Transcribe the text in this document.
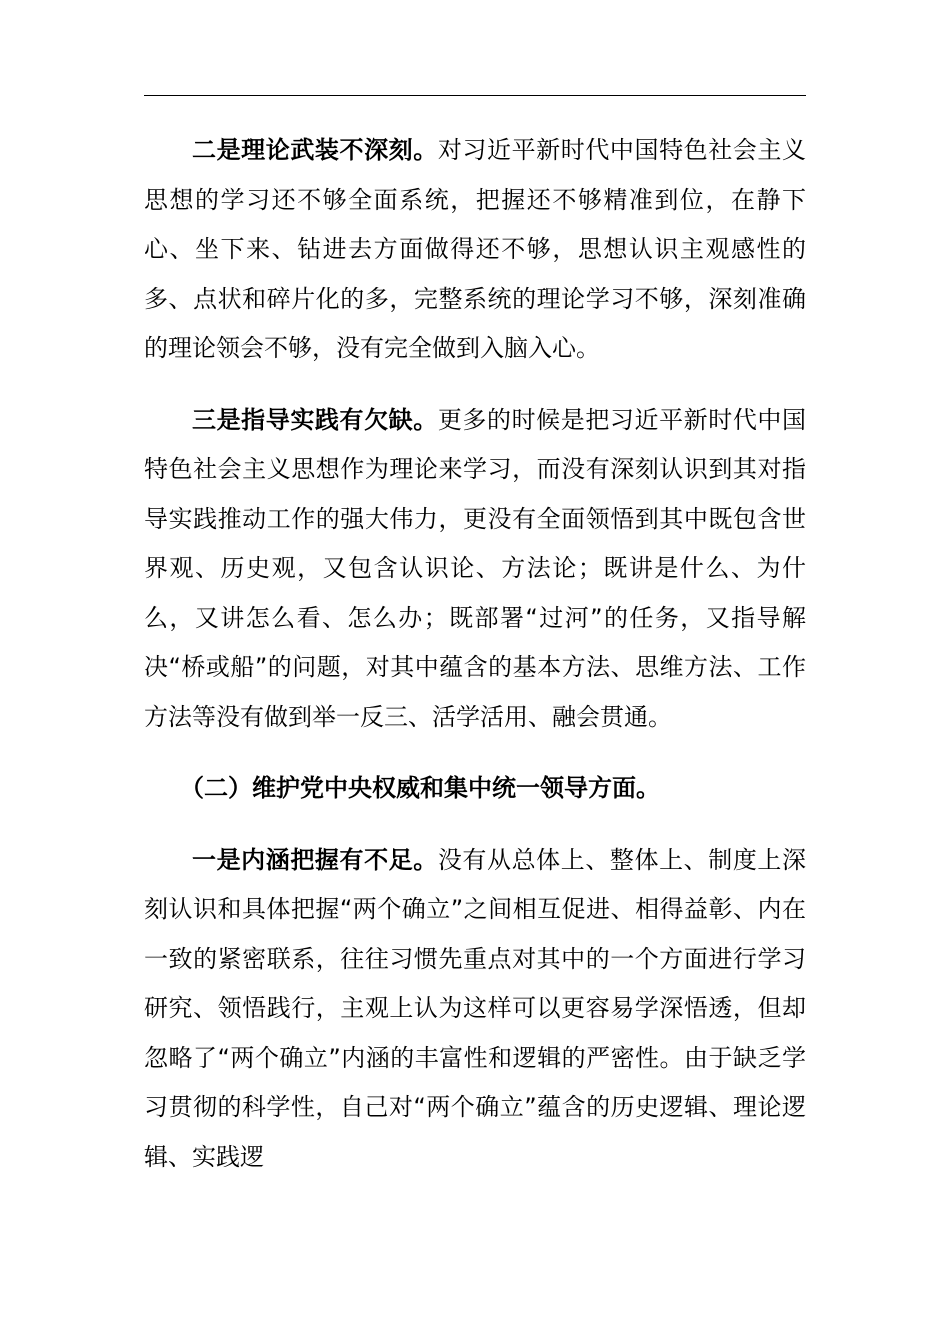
二是理论武装不深刻。对习近平新时代中国特色社会主义思想的学习还不够全面系统，把握还不够精准到位，在静下心、坐下来、钻进去方面做得还不够，思想认识主观感性的多、点状和碎片化的多，完整系统的理论学习不够，深刻准确的理论领会不够，没有完全做到入脑入心。

三是指导实践有欠缺。更多的时候是把习近平新时代中国特色社会主义思想作为理论来学习，而没有深刻认识到其对指导实践推动工作的强大伟力，更没有全面领悟到其中既包含世界观、历史观，又包含认识论、方法论；既讲是什么、为什么，又讲怎么看、怎么办；既部署“过河”的任务，又指导解决“桥或船”的问题，对其中蕴含的基本方法、思维方法、工作方法等没有做到举一反三、活学活用、融会贯通。

（二）维护党中央权威和集中统一领导方面。

一是内涵把握有不足。没有从总体上、整体上、制度上深刻认识和具体把握“两个确立”之间相互促进、相得益彰、内在一致的紧密联系，往往习惯先重点对其中的一个方面进行学习研究、领悟践行，主观上认为这样可以更容易学深悟透，但却忽略了“两个确立”内涵的丰富性和逻辑的严密性。由于缺乏学习贯彻的科学性，自己对“两个确立”蕴含的历史逻辑、理论逻辑、实践逻
